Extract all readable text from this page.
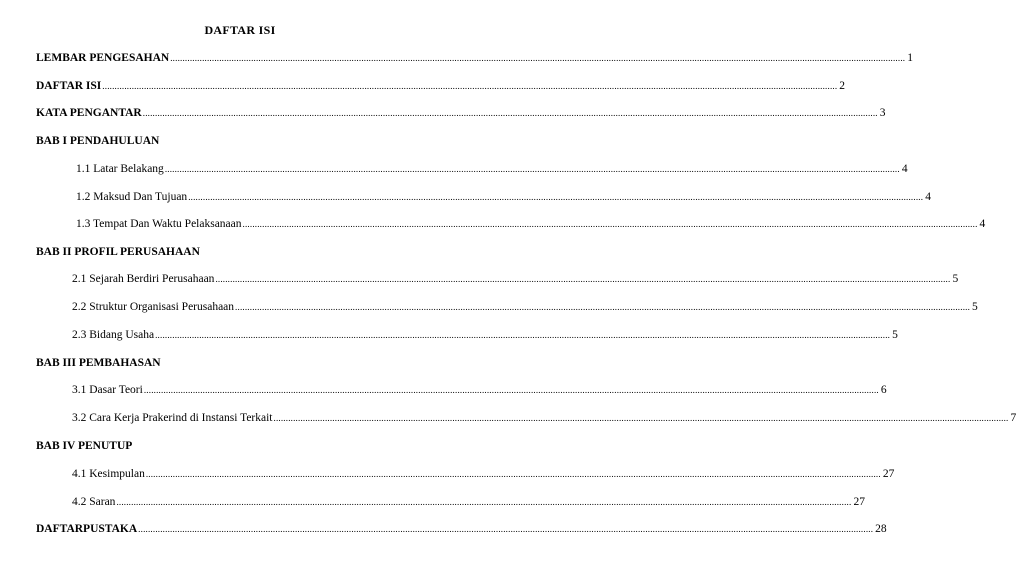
DAFTAR ISI
LEMBAR PENGESAHAN ............................................................................................................................................................................................................................................................................................................ 1
DAFTAR ISI ............................................................................................................................................................................................................................................................................................................ 2
KATA PENGANTAR ............................................................................................................................................................................................................................................................................................................ 3
BAB I PENDAHULUAN
1.1 Latar Belakang ............................................................................................................................................................................................................................................................................................................ 4
1.2 Maksud Dan Tujuan ............................................................................................................................................................................................................................................................................................................ 4
1.3 Tempat Dan Waktu Pelaksanaan ............................................................................................................................................................................................................................................................................................................ 4
BAB II PROFIL PERUSAHAAN
2.1 Sejarah Berdiri Perusahaan ............................................................................................................................................................................................................................................................................................................ 5
2.2 Struktur Organisasi Perusahaan ............................................................................................................................................................................................................................................................................................................ 5
2.3 Bidang Usaha ............................................................................................................................................................................................................................................................................................................ 5
BAB III PEMBAHASAN
3.1 Dasar Teori ............................................................................................................................................................................................................................................................................................................ 6
3.2 Cara Kerja Prakerind di Instansi Terkait ............................................................................................................................................................................................................................................................................................................ 7
BAB IV PENUTUP
4.1 Kesimpulan ............................................................................................................................................................................................................................................................................................................ 27
4.2 Saran ............................................................................................................................................................................................................................................................................................................ 27
DAFTARPUSTAKA ............................................................................................................................................................................................................................................................................................................ 28
